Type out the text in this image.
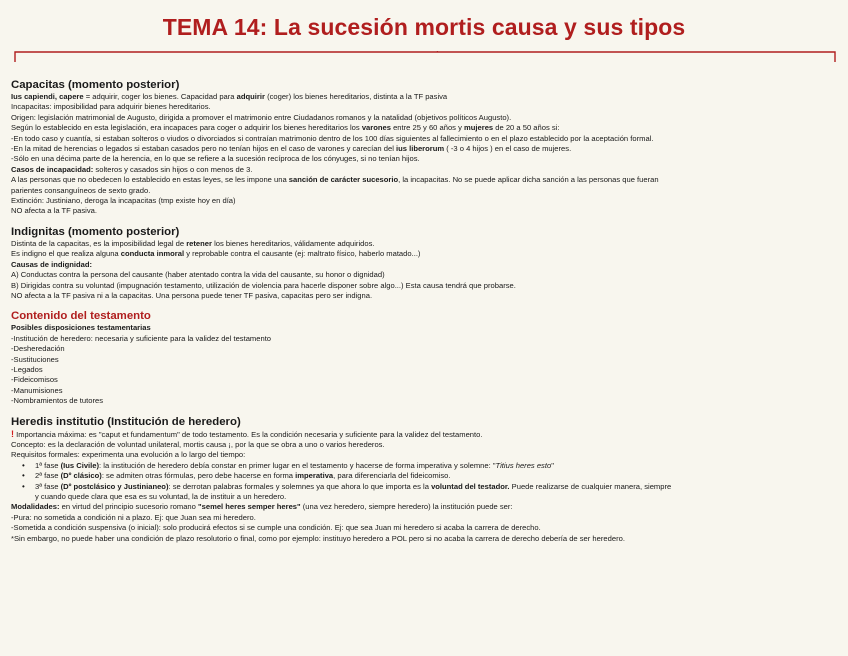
TEMA 14: La sucesión mortis causa y sus tipos
Capacitas (momento posterior)

Ius capiendi, capere = adquirir, coger los bienes. Capacidad para adquirir (coger) los bienes hereditarios, distinta a la TF pasiva

Incapacitas: imposibilidad para adquirir bienes hereditarios.

Origen: legislación matrimonial de Augusto, dirigida a promover el matrimonio entre Ciudadanos romanos y la natalidad (objetivos políticos Augusto).

Según lo establecido en esta legislación, era incapaces para coger o adquirir los bienes hereditarios los varones entre 25 y 60 años y mujeres de 20 a 50 años si:

-En todo caso y cuantía, si estaban solteros o viudos o divorciados si contraían matrimonio dentro de los 100 días siguientes al fallecimiento o en el plazo establecido por la aceptación formal.

-En la mitad de herencias o legados si estaban casados pero no tenían hijos en el caso de varones y carecían del ius liberorum ( -3 o 4 hijos ) en el caso de mujeres.

-Sólo en una décima parte de la herencia, en lo que se refiere a la sucesión recíproca de los cónyuges, si no tenían hijos.

Casos de incapacidad: solteros y casados sin hijos o con menos de 3.

A las personas que no obedecen lo establecido en estas leyes, se les impone una sanción de carácter sucesorio, la incapacitas. No se puede aplicar dicha sanción a las personas que fueran

parientes consanguíneos de sexto grado.

Extinción: Justiniano, deroga la incapacitas (tmp existe hoy en día)

NO afecta a la TF pasiva.

Indignitas (momento posterior)

Distinta de la capacitas, es la imposibilidad legal de retener los bienes hereditarios, válidamente adquiridos.

Es indigno el que realiza alguna conducta inmoral y reprobable contra el causante (ej: maltrato físico, haberlo matado...)

Causas de indignidad:

A) Conductas contra la persona del causante (haber atentado contra la vida del causante, su honor o dignidad)

B) Dirigidas contra su voluntad (impugnación testamento, utilización de violencia para hacerle disponer sobre algo...) Esta causa tendrá que probarse.

NO afecta a la TF pasiva ni a la capacitas. Una persona puede tener TF pasiva, capacitas pero ser indigna.

Contenido del testamento

Posibles disposiciones testamentarias

-Institución de heredero: necesaria y suficiente para la validez del testamento

-Desheredación

-Sustituciones

-Legados

-Fideicomisos

-Manumisiones

-Nombramientos de tutores

Heredis institutio (Institución de heredero)

! Importancia máxima: es "caput et fundamentum" de todo testamento. Es la condición necesaria y suficiente para la validez del testamento.

Concepto: es la declaración de voluntad unilateral, mortis causa ¡, por la que se obra a uno o varios herederos.

Requisitos formales: experimenta una evolución a lo largo del tiempo:

• 1ª fase (Ius Civile): la institución de heredero debía constar en primer lugar en el testamento y hacerse de forma imperativa y solemne: "Titius heres esto"
• 2ª fase (Dº clásico): se admiten otras fórmulas, pero debe hacerse en forma imperativa, para diferenciarla del fideicomiso.
• 3ª fase (Dº postclásico y Justinianeo): se derrotan palabras formales y solemnes ya que ahora lo que importa es la voluntad del testador. Puede realizarse de cualquier manera, siempre
y cuando quede clara que esa es su voluntad, la de instituir a un heredero.

Modalidades: en virtud del principio sucesorio romano "semel heres semper heres" (una vez heredero, siempre heredero) la institución puede ser:

-Pura: no sometida a condición ni a plazo. Ej: que Juan sea mi heredero.

-Sometida a condición suspensiva (o inicial): solo producirá efectos si se cumple una condición. Ej: que sea Juan mi heredero si acaba la carrera de derecho.

*Sin embargo, no puede haber una condición de plazo resolutorio o final, como por ejemplo: instituyo heredero a POL pero si no acaba la carrera de derecho debería de ser heredero.
